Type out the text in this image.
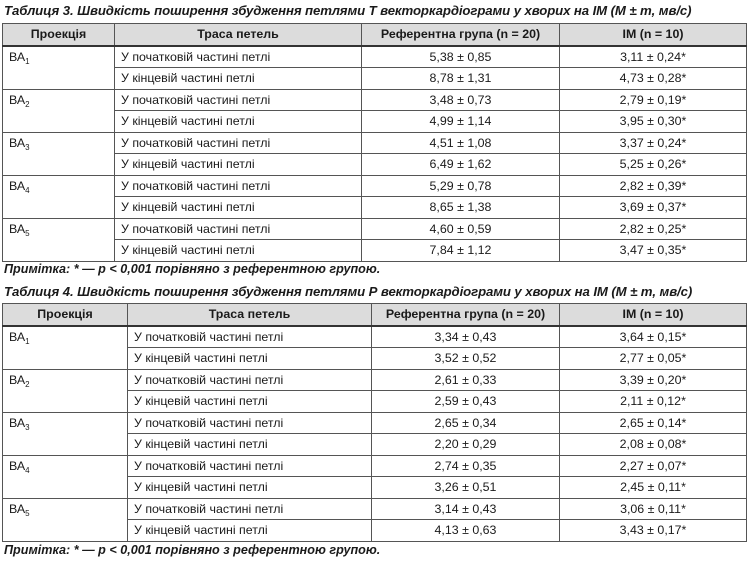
Таблиця 3. Швидкість поширення збудження петлями Т векторкардіограми у хворих на ІМ (M ± m, мв/с)
Проекція	Траса петель	Референтна група (n = 20)	ІМ (n = 10)
$ВА_1$	У початковій частині петлі	5,38 ± 0,85	3,11 ± 0,24*
	У кінцевій частині петлі	8,78 ± 1,31	4,73 ± 0,28*
$ВА_2$	У початковій частині петлі	3,48 ± 0,73	2,79 ± 0,19*
	У кінцевій частині петлі	4,99 ± 1,14	3,95 ± 0,30*
$ВА_3$	У початковій частині петлі	4,51 ± 1,08	3,37 ± 0,24*
	У кінцевій частині петлі	6,49 ± 1,62	5,25 ± 0,26*
$ВА_4$	У початковій частині петлі	5,29 ± 0,78	2,82 ± 0,39*
	У кінцевій частині петлі	8,65 ± 1,38	3,69 ± 0,37*
$ВА_5$	У початковій частині петлі	4,60 ± 0,59	2,82 ± 0,25*
	У кінцевій частині петлі	7,84 ± 1,12	3,47 ± 0,35*
Примітка: * — p < 0,001 порівняно з референтною групою.
Таблиця 4. Швидкість поширення збудження петлями Р векторкардіограми у хворих на ІМ (M ± m, мв/с)
Проекція	Траса петель	Референтна група (n = 20)	ІМ (n = 10)
$ВА_1$	У початковій частині петлі	3,34 ± 0,43	3,64 ± 0,15*
	У кінцевій частині петлі	3,52 ± 0,52	2,77 ± 0,05*
$ВА_2$	У початковій частині петлі	2,61 ± 0,33	3,39 ± 0,20*
	У кінцевій частині петлі	2,59 ± 0,43	2,11 ± 0,12*
$ВА_3$	У початковій частині петлі	2,65 ± 0,34	2,65 ± 0,14*
	У кінцевій частині петлі	2,20 ± 0,29	2,08 ± 0,08*
$ВА_4$	У початковій частині петлі	2,74 ± 0,35	2,27 ± 0,07*
	У кінцевій частині петлі	3,26 ± 0,51	2,45 ± 0,11*
$ВА_5$	У початковій частині петлі	3,14 ± 0,43	3,06 ± 0,11*
	У кінцевій частині петлі	4,13 ± 0,63	3,43 ± 0,17*
Примітка: * — p < 0,001 порівняно з референтною групою.
